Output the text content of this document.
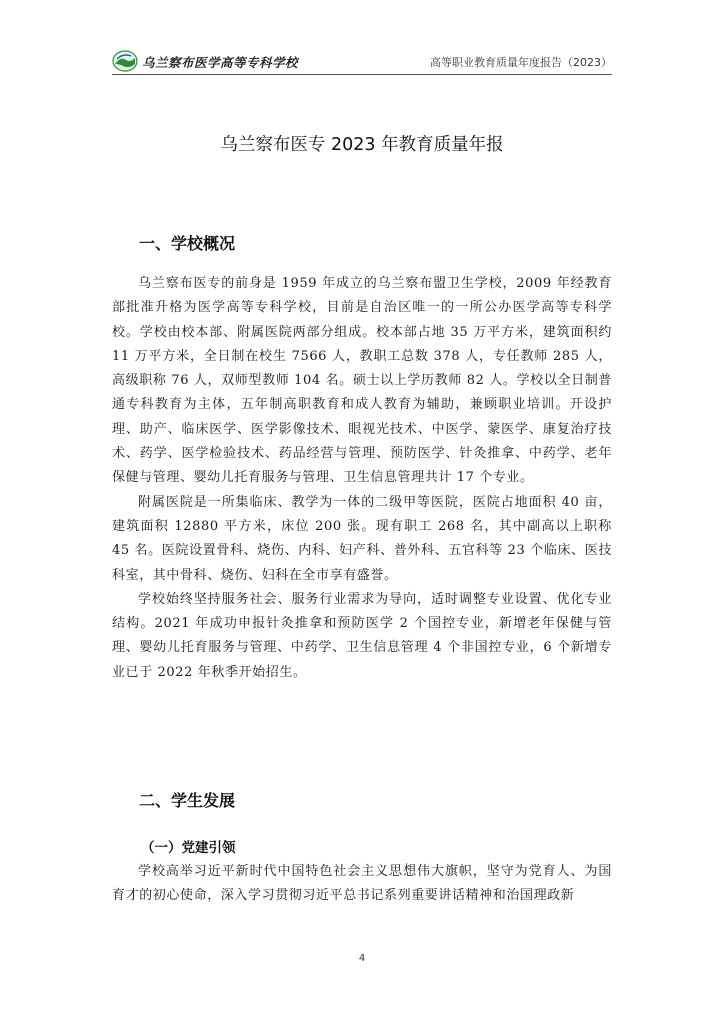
乌兰察布医学高等专科学校	高等职业教育质量年度报告（2023）
乌兰察布医专 2023 年教育质量年报
一、学校概况

乌兰察布医专的前身是 1959 年成立的乌兰察布盟卫生学校，2009 年经教育部批准升格为医学高等专科学校，目前是自治区唯一的一所公办医学高等专科学校。学校由校本部、附属医院两部分组成。校本部占地 35 万平方米，建筑面积约 11 万平方米，全日制在校生 7566 人，教职工总数 378 人，专任教师 285 人，高级职称 76 人，双师型教师 104 名。硕士以上学历教师 82 人。学校以全日制普通专科教育为主体，五年制高职教育和成人教育为辅助，兼顾职业培训。开设护理、助产、临床医学、医学影像技术、眼视光技术、中医学、蒙医学、康复治疗技术、药学、医学检验技术、药品经营与管理、预防医学、针灸推拿、中药学、老年保健与管理、婴幼儿托育服务与管理、卫生信息管理共计 17 个专业。

附属医院是一所集临床、教学为一体的二级甲等医院，医院占地面积 40 亩，建筑面积 12880 平方米，床位 200 张。现有职工 268 名，其中副高以上职称 45 名。医院设置骨科、烧伤、内科、妇产科、普外科、五官科等 23 个临床、医技科室，其中骨科、烧伤、妇科在全市享有盛誉。

学校始终坚持服务社会、服务行业需求为导向，适时调整专业设置、优化专业结构。2021 年成功申报针灸推拿和预防医学 2 个国控专业，新增老年保健与管理、婴幼儿托育服务与管理、中药学、卫生信息管理 4 个非国控专业，6 个新增专业已于 2022 年秋季开始招生。

二、学生发展
（一）党建引领

学校高举习近平新时代中国特色社会主义思想伟大旗帜，坚守为党育人、为国育才的初心使命，深入学习贯彻习近平总书记系列重要讲话精神和治国理政新

4
